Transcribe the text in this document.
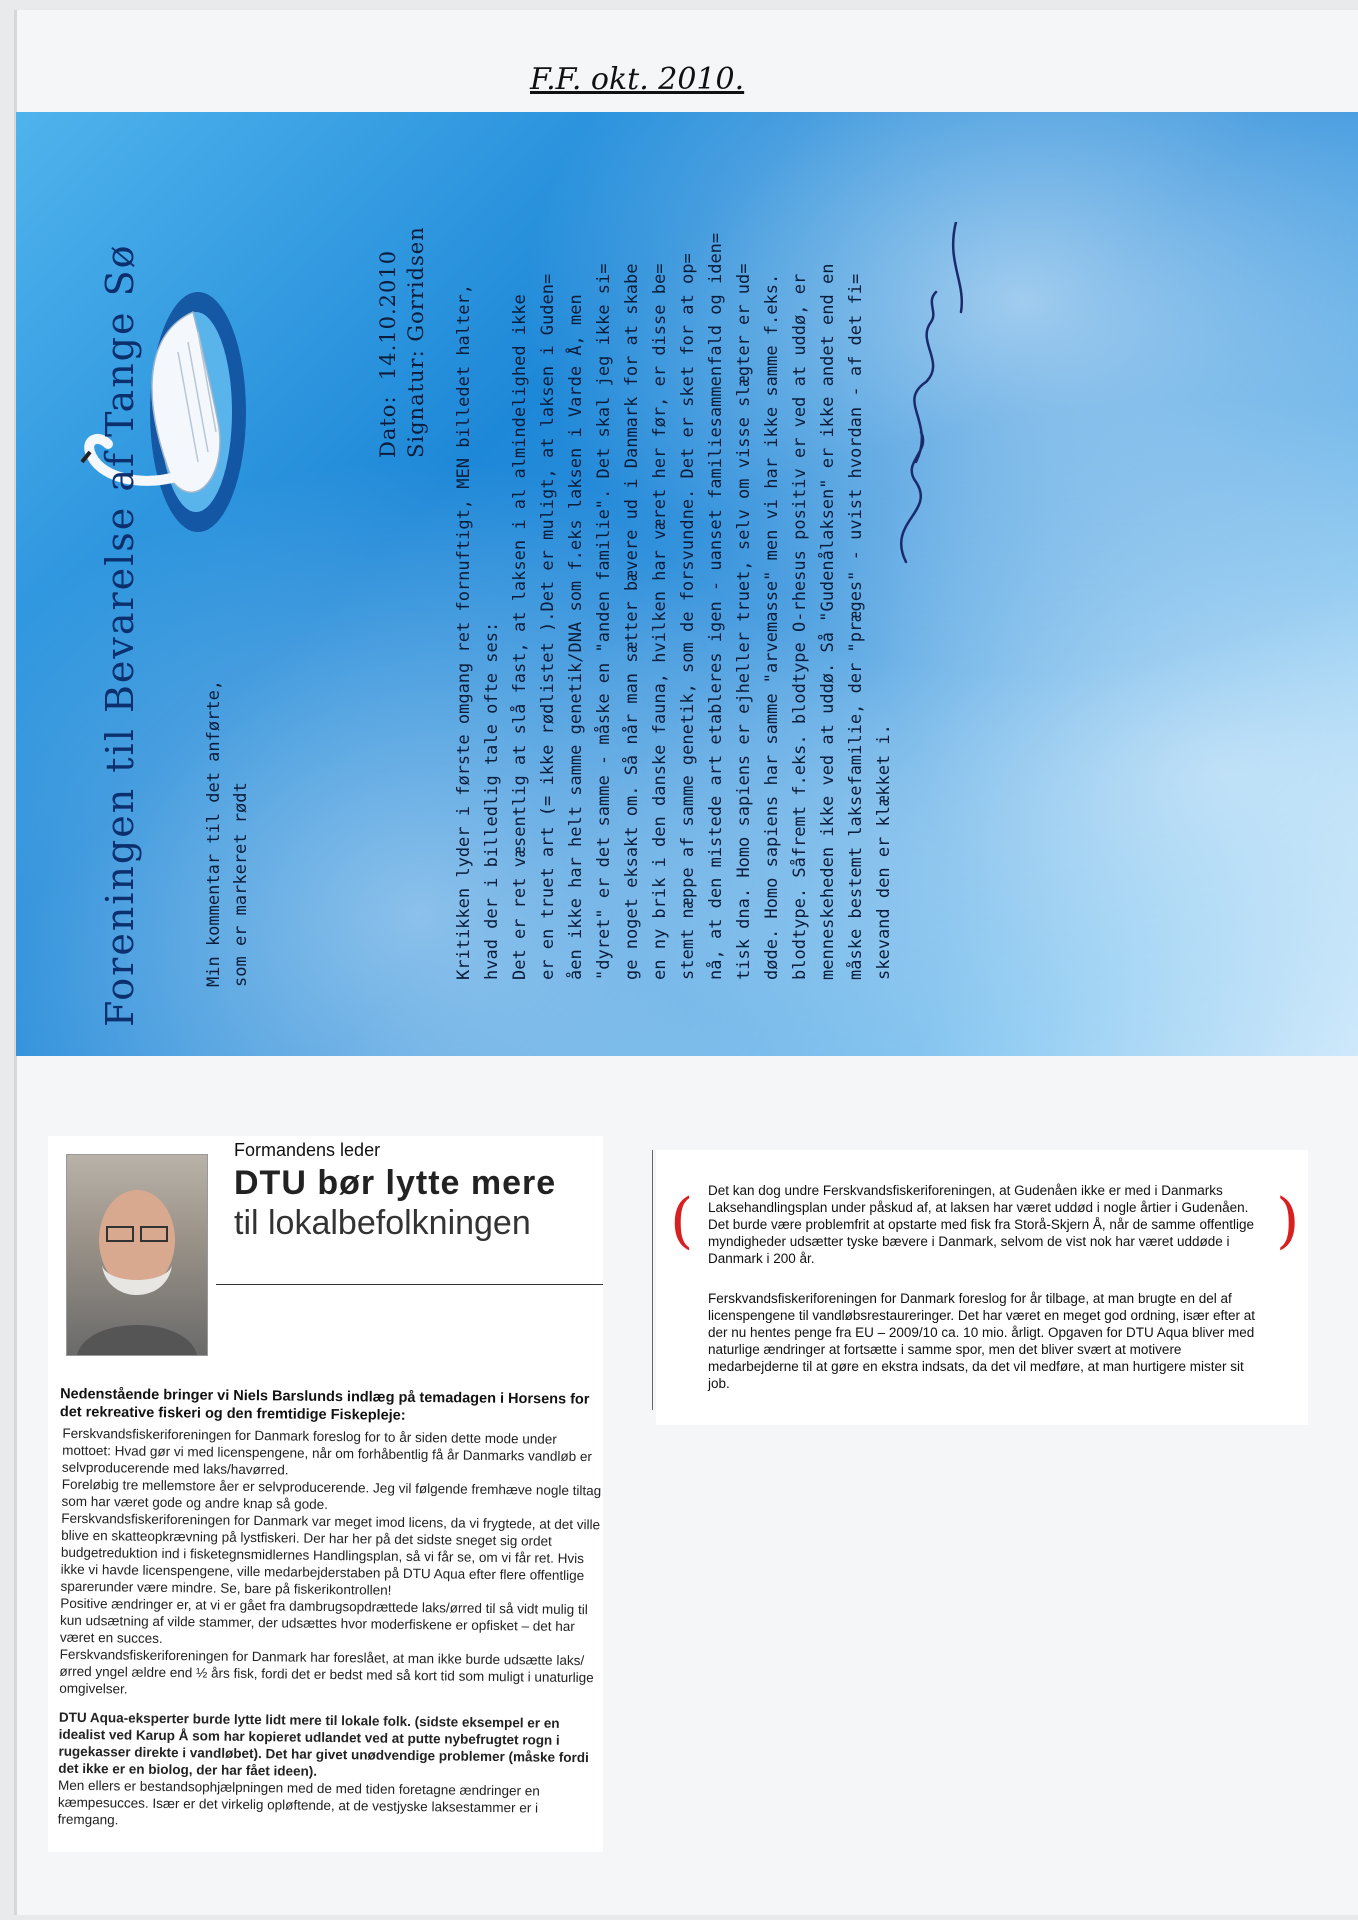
F.F. okt. 2010.
Foreningen til Bevarelse af Tange Sø	Min kommentar til det anførte, som er markeret rødt
Dato:  14.10.2010
Signatur: Gorridsen
Kritikken lyder i første omgang ret fornuftigt, MEN billedet halter, hvad der i billedlig tale ofte ses: Det er ret væsentlig at slå fast, at laksen i al almindelighed ikke er en truet art (= ikke rødlistet ).Det er muligt, at laksen i Guden= åen ikke har helt samme genetik/DNA som f.eks laksen i Varde Å, men "dyret" er det samme - måske en "anden familie". Det skal jeg ikke si= ge noget eksakt om. Så når man sætter bævere ud i Danmark for at skabe en ny brik i den danske fauna, hvilken har været her før, er disse be= stemt næppe af samme genetik, som de forsvundne. Det er sket for at op= nå, at den mistede art etableres igen - uanset familiesammenfald og iden= tisk dna. Homo sapiens er ejheller truet, selv om visse slægter er ud= døde. Homo sapiens har samme "arvemasse" men vi har ikke samme f.eks. blodtype. Såfremt f.eks. blodtype O-rhesus positiv er ved at uddø, er menneskeheden ikke ved at uddø. Så "Gudenålaksen" er ikke andet end en måske bestemt laksefamilie, der "præges" - uvist hvordan - af det fi= skevand den er klækket i.
Formandens leder
DTU bør lytte mere
til lokalbefolkningen
Nedenstående bringer vi Niels Barslunds indlæg på temadagen i Horsens for det rekreative fiskeri og den fremtidige Fiskepleje:

Ferskvandsfiskeriforeningen for Danmark foreslog for to år siden dette mode under mottoet: Hvad gør vi med licenspengene, når om forhåbentlig få år Danmarks vandløb er selvproducerende med laks/havørred.

Foreløbig tre mellemstore åer er selvproducerende. Jeg vil følgende fremhæve nogle tiltag som har været gode og andre knap så gode.

Ferskvandsfiskeriforeningen for Danmark var meget imod licens, da vi frygtede, at det ville blive en skatteopkrævning på lystfiskeri. Der har her på det sidste sneget sig ordet budgetreduktion ind i fisketegnsmidlernes Handlingsplan, så vi får se, om vi får ret. Hvis ikke vi havde licenspengene, ville medarbejderstaben på DTU Aqua efter flere offentlige sparerunder være mindre. Se, bare på fiskerikontrollen!

Positive ændringer er, at vi er gået fra dambrugsopdrættede laks/ørred til så vidt mulig til kun udsætning af vilde stammer, der udsættes hvor moderfiskene er opfisket – det har været en succes.

Ferskvandsfiskeriforeningen for Danmark har foreslået, at man ikke burde udsætte laks/ørred yngel ældre end ½ års fisk, fordi det er bedst med så kort tid som muligt i unaturlige omgivelser.

DTU Aqua-eksperter burde lytte lidt mere til lokale folk. (sidste eksempel er en idealist ved Karup Å som har kopieret udlandet ved at putte nybefrugtet rogn i rugekasser direkte i vandløbet). Det har givet unødvendige problemer (måske fordi det ikke er en biolog, der har fået ideen).

Men ellers er bestandsophjælpningen med de med tiden foretagne ændringer en kæmpesucces. Især er det virkelig opløftende, at de vestjyske laksestammer er i fremgang.

( Det kan dog undre Ferskvandsfiskeriforeningen, at Gudenåen ikke er med i Danmarks Laksehandlingsplan under påskud af, at laksen har været uddød i nogle årtier i Gudenåen. Det burde være problemfrit at opstarte med fisk fra Storå-Skjern Å, når de samme offentlige myndigheder udsætter tyske bævere i Danmark, selvom de vist nok har været uddøde i Danmark i 200 år.
)
Ferskvandsfiskeriforeningen for Danmark foreslog for år tilbage, at man brugte en del af licenspengene til vandløbsrestaureringer. Det har været en meget god ordning, især efter at der nu hentes penge fra EU – 2009/10 ca. 10 mio. årligt. Opgaven for DTU Aqua bliver med naturlige ændringer at fortsætte i samme spor, men det bliver svært at motivere medarbejderne til at gøre en ekstra indsats, da det vil medføre, at man hurtigere mister sit job.
